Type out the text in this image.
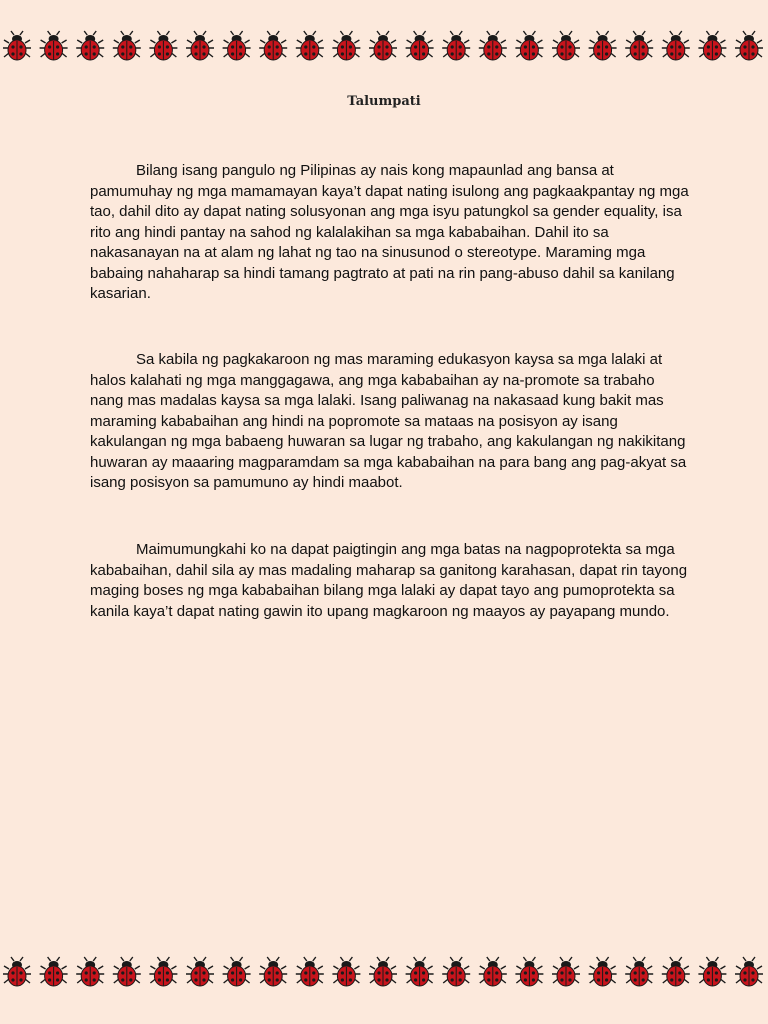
Talumpati

Bilang isang pangulo ng Pilipinas ay nais kong mapaunlad ang bansa at pamumuhay ng mga mamamayan kaya’t dapat nating isulong ang pagkaakpantay ng mga tao, dahil dito ay dapat nating solusyonan ang mga isyu patungkol sa gender equality, isa rito ang hindi pantay na sahod ng kalalakihan sa mga kababaihan. Dahil ito sa nakasanayan na at alam ng lahat ng tao na sinusunod o stereotype. Maraming mga babaing nahaharap sa hindi tamang pagtrato at pati na rin pang-abuso dahil sa kanilang kasarian.

Sa kabila ng pagkakaroon ng mas maraming edukasyon kaysa sa mga lalaki at halos kalahati ng mga manggagawa, ang mga kababaihan ay na-promote sa trabaho nang mas madalas kaysa sa mga lalaki. Isang paliwanag na nakasaad kung bakit mas maraming kababaihan ang hindi na popromote sa mataas na posisyon ay isang kakulangan ng mga babaeng huwaran sa lugar ng trabaho, ang kakulangan ng nakikitang huwaran ay maaaring magparamdam sa mga kababaihan na para bang ang pag-akyat sa isang posisyon sa pamumuno ay hindi maabot.

Maimumungkahi ko na dapat paigtingin ang mga batas na nagpoprotekta sa mga kababaihan, dahil sila ay mas madaling maharap sa ganitong karahasan, dapat rin tayong maging boses ng mga kababaihan bilang mga lalaki ay dapat tayo ang pumoprotekta sa kanila kaya’t dapat nating gawin ito upang magkaroon ng maayos ay payapang mundo.
